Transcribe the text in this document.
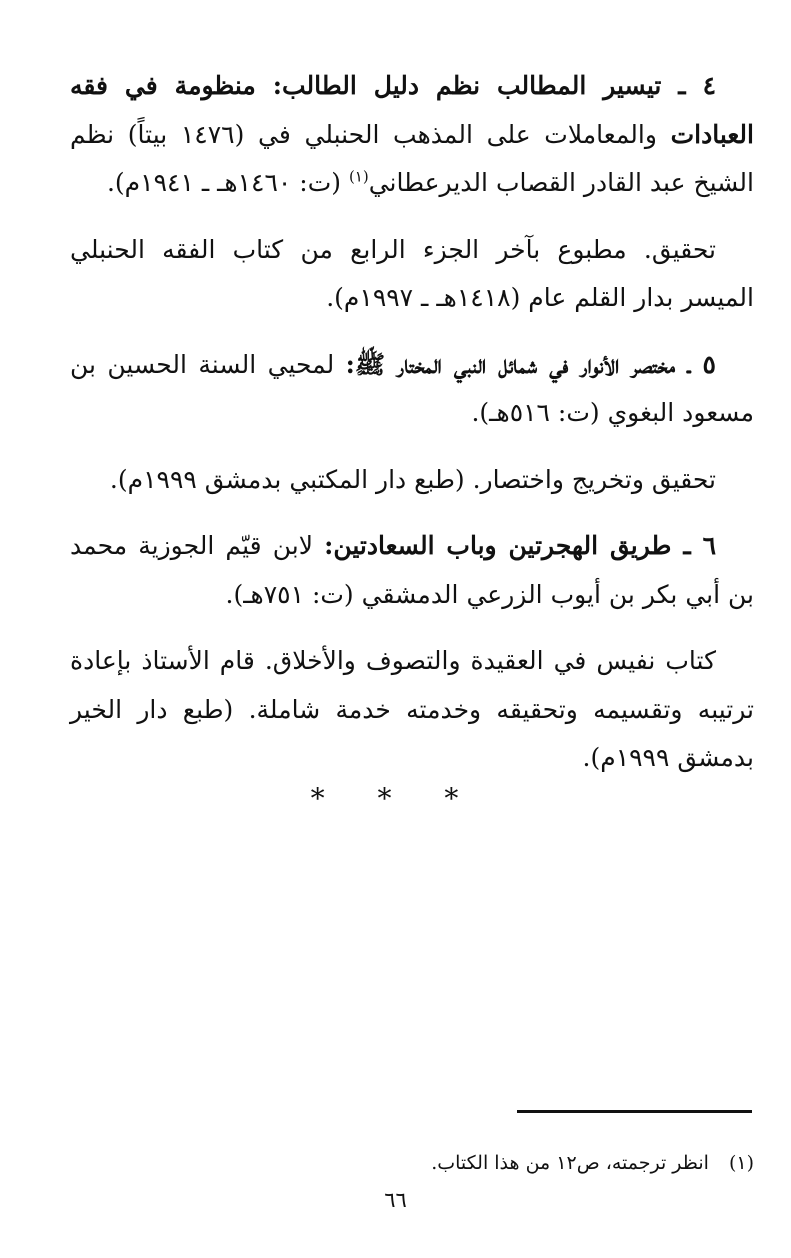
٤ ـ تيسير المطالب نظم دليل الطالب: منظومة في فقه العبادات والمعاملات على المذهب الحنبلي في (١٤٧٦ بيتاً) نظم الشيخ عبد القادر القصاب الديرعطاني$^{(١)}$ (ت: ١٤٦٠هـ ـ ١٩٤١م).

تحقيق. مطبوع بآخر الجزء الرابع من كتاب الفقه الحنبلي الميسر بدار القلم عام (١٤١٨هـ ـ ١٩٩٧م).

٥ ـ مختصر الأنوار في شمائل النبي المختار ﷺ: لمحيي السنة الحسين بن مسعود البغوي (ت: ٥١٦هـ).

تحقيق وتخريج واختصار. (طبع دار المكتبي بدمشق ١٩٩٩م).

٦ ـ طريق الهجرتين وباب السعادتين: لابن قيّم الجوزية محمد بن أبي بكر بن أيوب الزرعي الدمشقي (ت: ٧٥١هـ).

كتاب نفيس في العقيدة والتصوف والأخلاق. قام الأستاذ بإعادة ترتيبه وتقسيمه وتحقيقه وخدمته خدمة شاملة. (طبع دار الخير بدمشق ١٩٩٩م).

* * *
(١)انظر ترجمته، ص١٢ من هذا الكتاب.
٦٦
